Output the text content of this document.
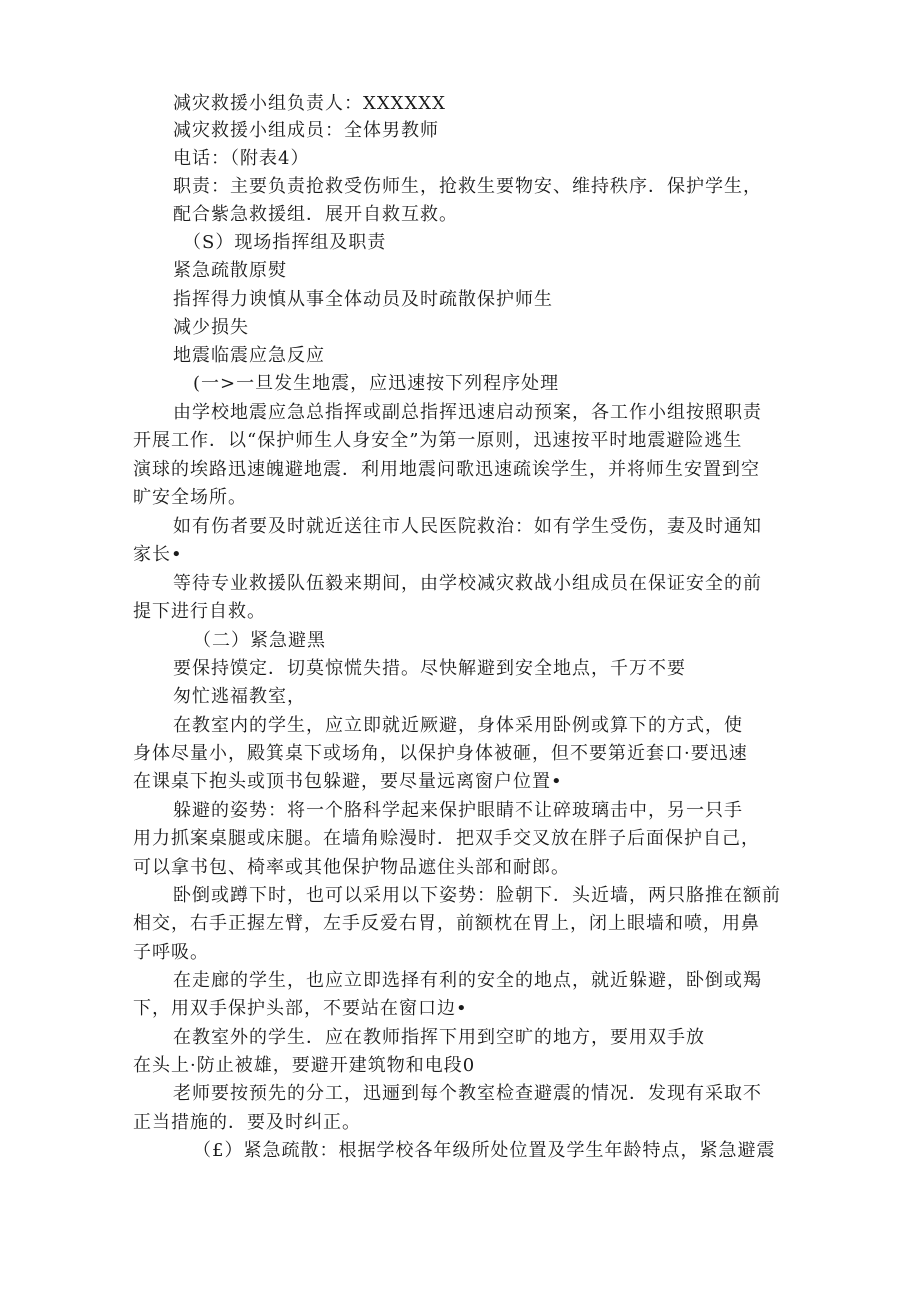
减灾救援小组负责人：XXXXXX
减灾救援小组成员：全体男教师
电话：（附表4）
职责：主要负责抢救受伤师生，抢救生要物安、维持秩序．保护学生，
配合紫急救援组．展开自救互救。
（S）现场指挥组及职责
紧急疏散原熨
指挥得力谀慎从事全体动员及时疏散保护师生
减少损失
地震临震应急反应
(一>一旦发生地震，应迅速按下列程序处理
由学校地震应急总指挥或副总指挥迅速启动预案，各工作小组按照职责
开展工作．以“保护师生人身安全”为第一原则，迅速按平时地震避险逃生
演球的埃路迅速魄避地震．利用地震问歌迅速疏诶学生，并将师生安置到空
旷安全场所。
如有伤者要及时就近送往市人民医院救治：如有学生受伤，妻及时通知
家长•
等待专业救援队伍毅来期间，由学校减灾救战小组成员在保证安全的前
提下进行自救。
（二）紧急避黑
要保持馍定．切莫惊慌失措。尽快解避到安全地点，千万不要
匆忙逃福教室，
在教室内的学生，应立即就近厥避，身体采用卧例或算下的方式，使
身体尽量小，殿箕桌下或场角，以保护身体被砸，但不要第近套口·要迅速
在课桌下抱头或顶书包躲避，要尽量远离窗户位置•
躲避的姿势：将一个胳科学起来保护眼睛不让碎玻璃击中，另一只手
用力抓案桌腿或床腿。在墙角赊漫时．把双手交叉放在胖子后面保护自己，
可以拿书包、椅率或其他保护物品遮住头部和耐郎。
卧倒或蹲下时，也可以采用以下姿势：脸朝下．头近墙，两只胳推在额前
相交，右手正握左臂，左手反爱右胃，前额枕在胃上，闭上眼墙和喷，用鼻
子呼吸。
在走廊的学生，也应立即选择有利的安全的地点，就近躲避，卧倒或羯
下，用双手保护头部，不要站在窗口边•
在教室外的学生．应在教师指挥下用到空旷的地方，要用双手放
在头上·防止被雄，要避开建筑物和电段0
老师要按预先的分工，迅逦到每个教室检查避震的情况．发现有采取不
正当措施的．要及时纠正。
（£）紧急疏散：根据学校各年级所处位置及学生年龄特点，紧急避震
